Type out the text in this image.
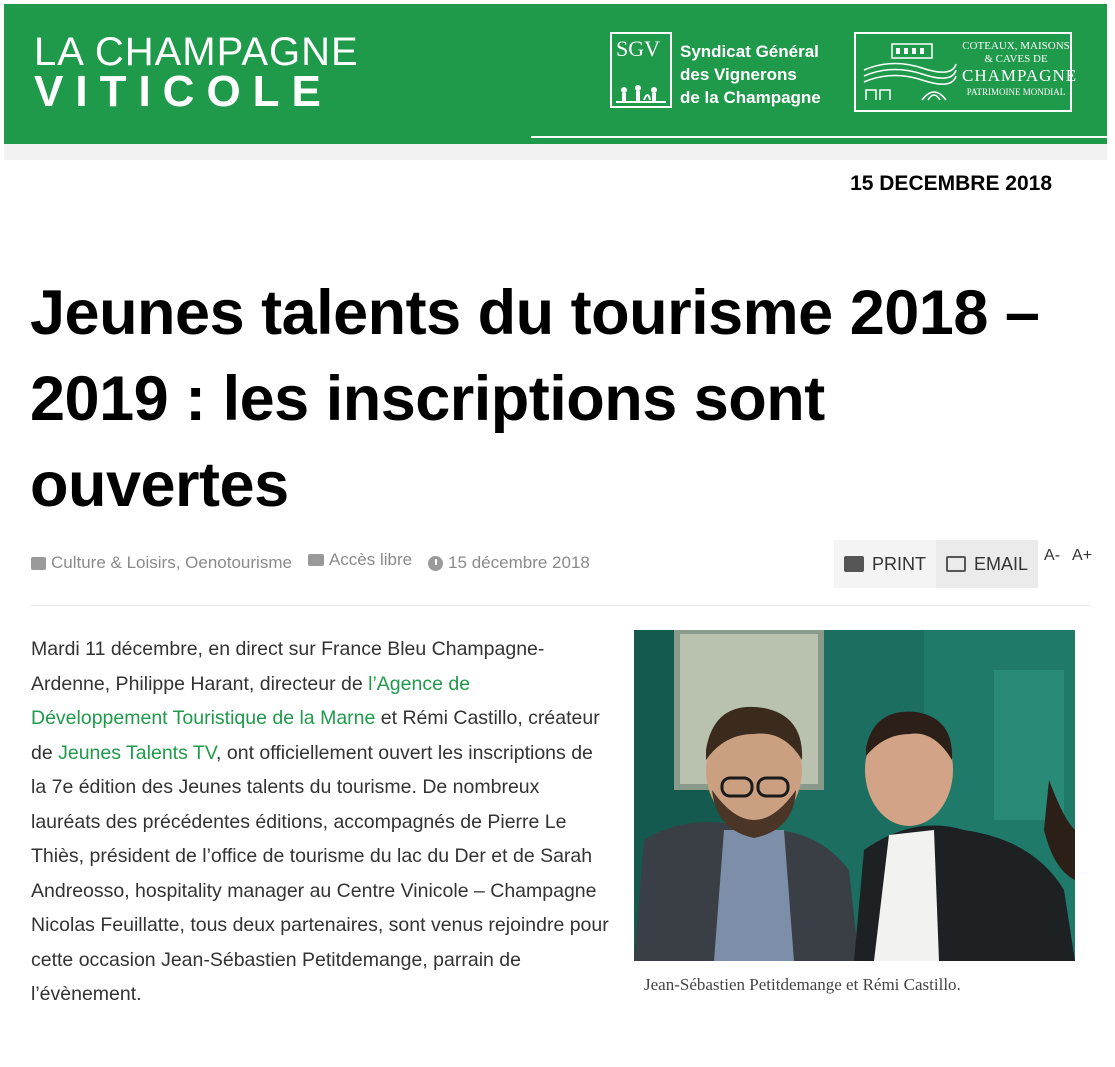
LA CHAMPAGNE
VITICOLE
SGV Syndicat Général
des Vignerons
de la Champagne
COTEAUX, MAISONS
& CAVES DE
CHAMPAGNE
PATRIMOINE MONDIAL
15 DECEMBRE 2018
Jeunes talents du tourisme 2018 – 2019 : les inscriptions sont ouvertes
Culture & Loisirs, Oenotourisme Accès libre 15 décembre 2018	PRINT	EMAIL	A- A+
Mardi 11 décembre, en direct sur France Bleu Champagne-Ardenne, Philippe Harant, directeur de l’Agence de Développement Touristique de la Marne et Rémi Castillo, créateur de Jeunes Talents TV, ont officiellement ouvert les inscriptions de la 7e édition des Jeunes talents du tourisme. De nombreux lauréats des précédentes éditions, accompagnés de Pierre Le Thiès, président de l’office de tourisme du lac du Der et de Sarah Andreosso, hospitality manager au Centre Vinicole – Champagne Nicolas Feuillatte, tous deux partenaires, sont venus rejoindre pour cette occasion Jean-Sébastien Petitdemange, parrain de l’évènement.	Jean-Sébastien Petitdemange et Rémi Castillo.
